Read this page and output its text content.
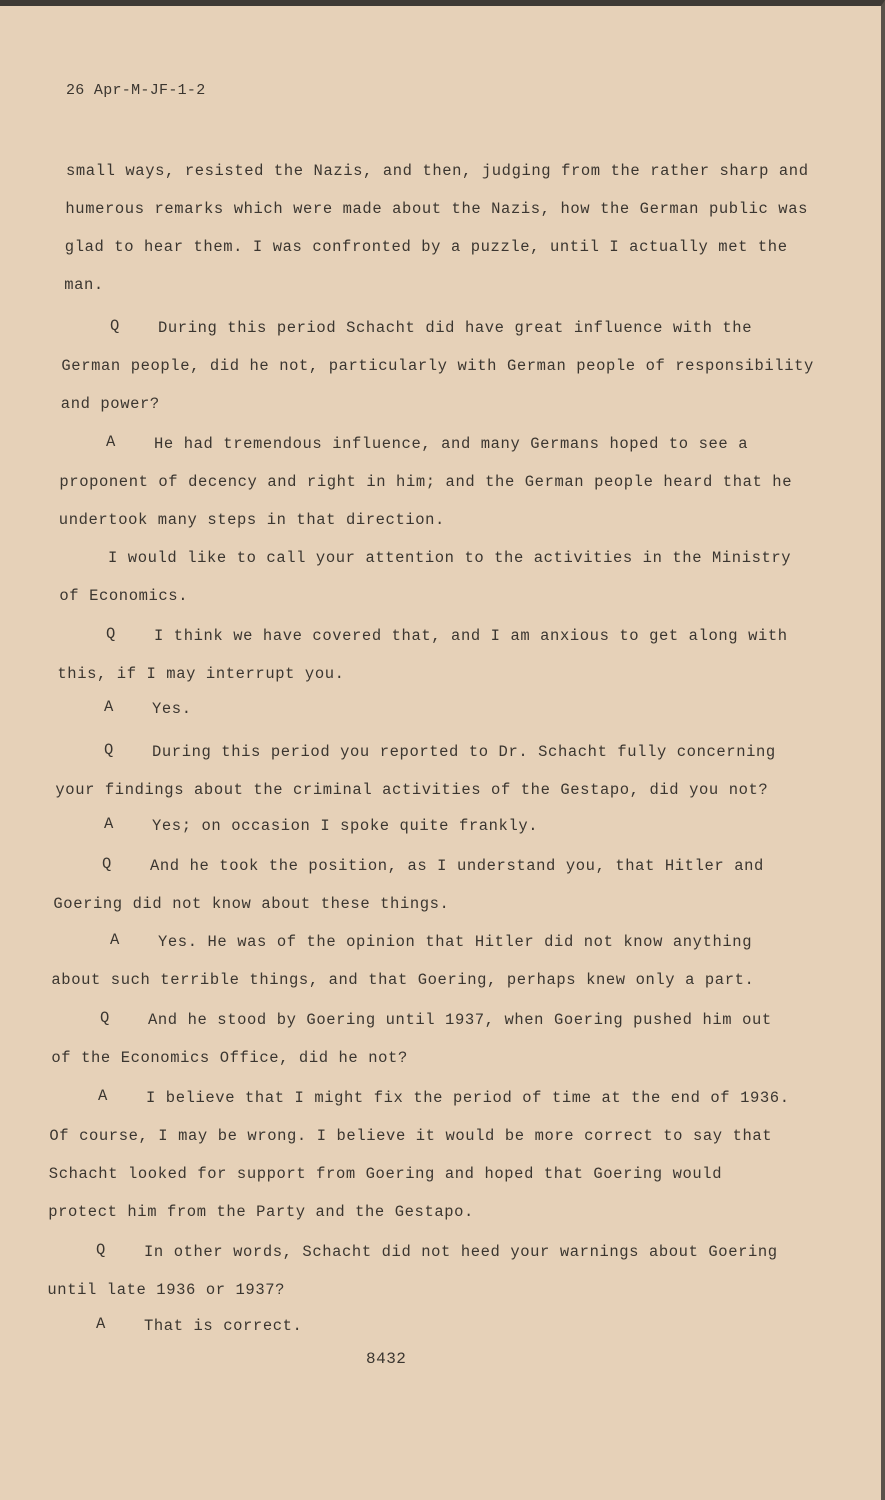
26 Apr-M-JF-1-2
small ways, resisted the Nazis, and then, judging from the rather sharp and
humerous remarks which were made about the Nazis, how the German public was
glad to hear them. I was confronted by a puzzle, until I actually met the
man.
Q During this period Schacht did have great influence with the
German people, did he not, particularly with German people of responsibility
and power?
A He had tremendous influence, and many Germans hoped to see a
proponent of decency and right in him; and the German people heard that he
undertook many steps in that direction.
I would like to call your attention to the activities in the Ministry
of Economics.
Q I think we have covered that, and I am anxious to get along with
this, if I may interrupt you.
A Yes.
Q During this period you reported to Dr. Schacht fully concerning
your findings about the criminal activities of the Gestapo, did you not?
A Yes; on occasion I spoke quite frankly.
Q And he took the position, as I understand you, that Hitler and
Goering did not know about these things.
A Yes. He was of the opinion that Hitler did not know anything
about such terrible things, and that Goering, perhaps knew only a part.
Q And he stood by Goering until 1937, when Goering pushed him out
of the Economics Office, did he not?
A I believe that I might fix the period of time at the end of 1936.
Of course, I may be wrong. I believe it would be more correct to say that
Schacht looked for support from Goering and hoped that Goering would
protect him from the Party and the Gestapo.
Q In other words, Schacht did not heed your warnings about Goering
until late 1936 or 1937?
A That is correct.
8432
